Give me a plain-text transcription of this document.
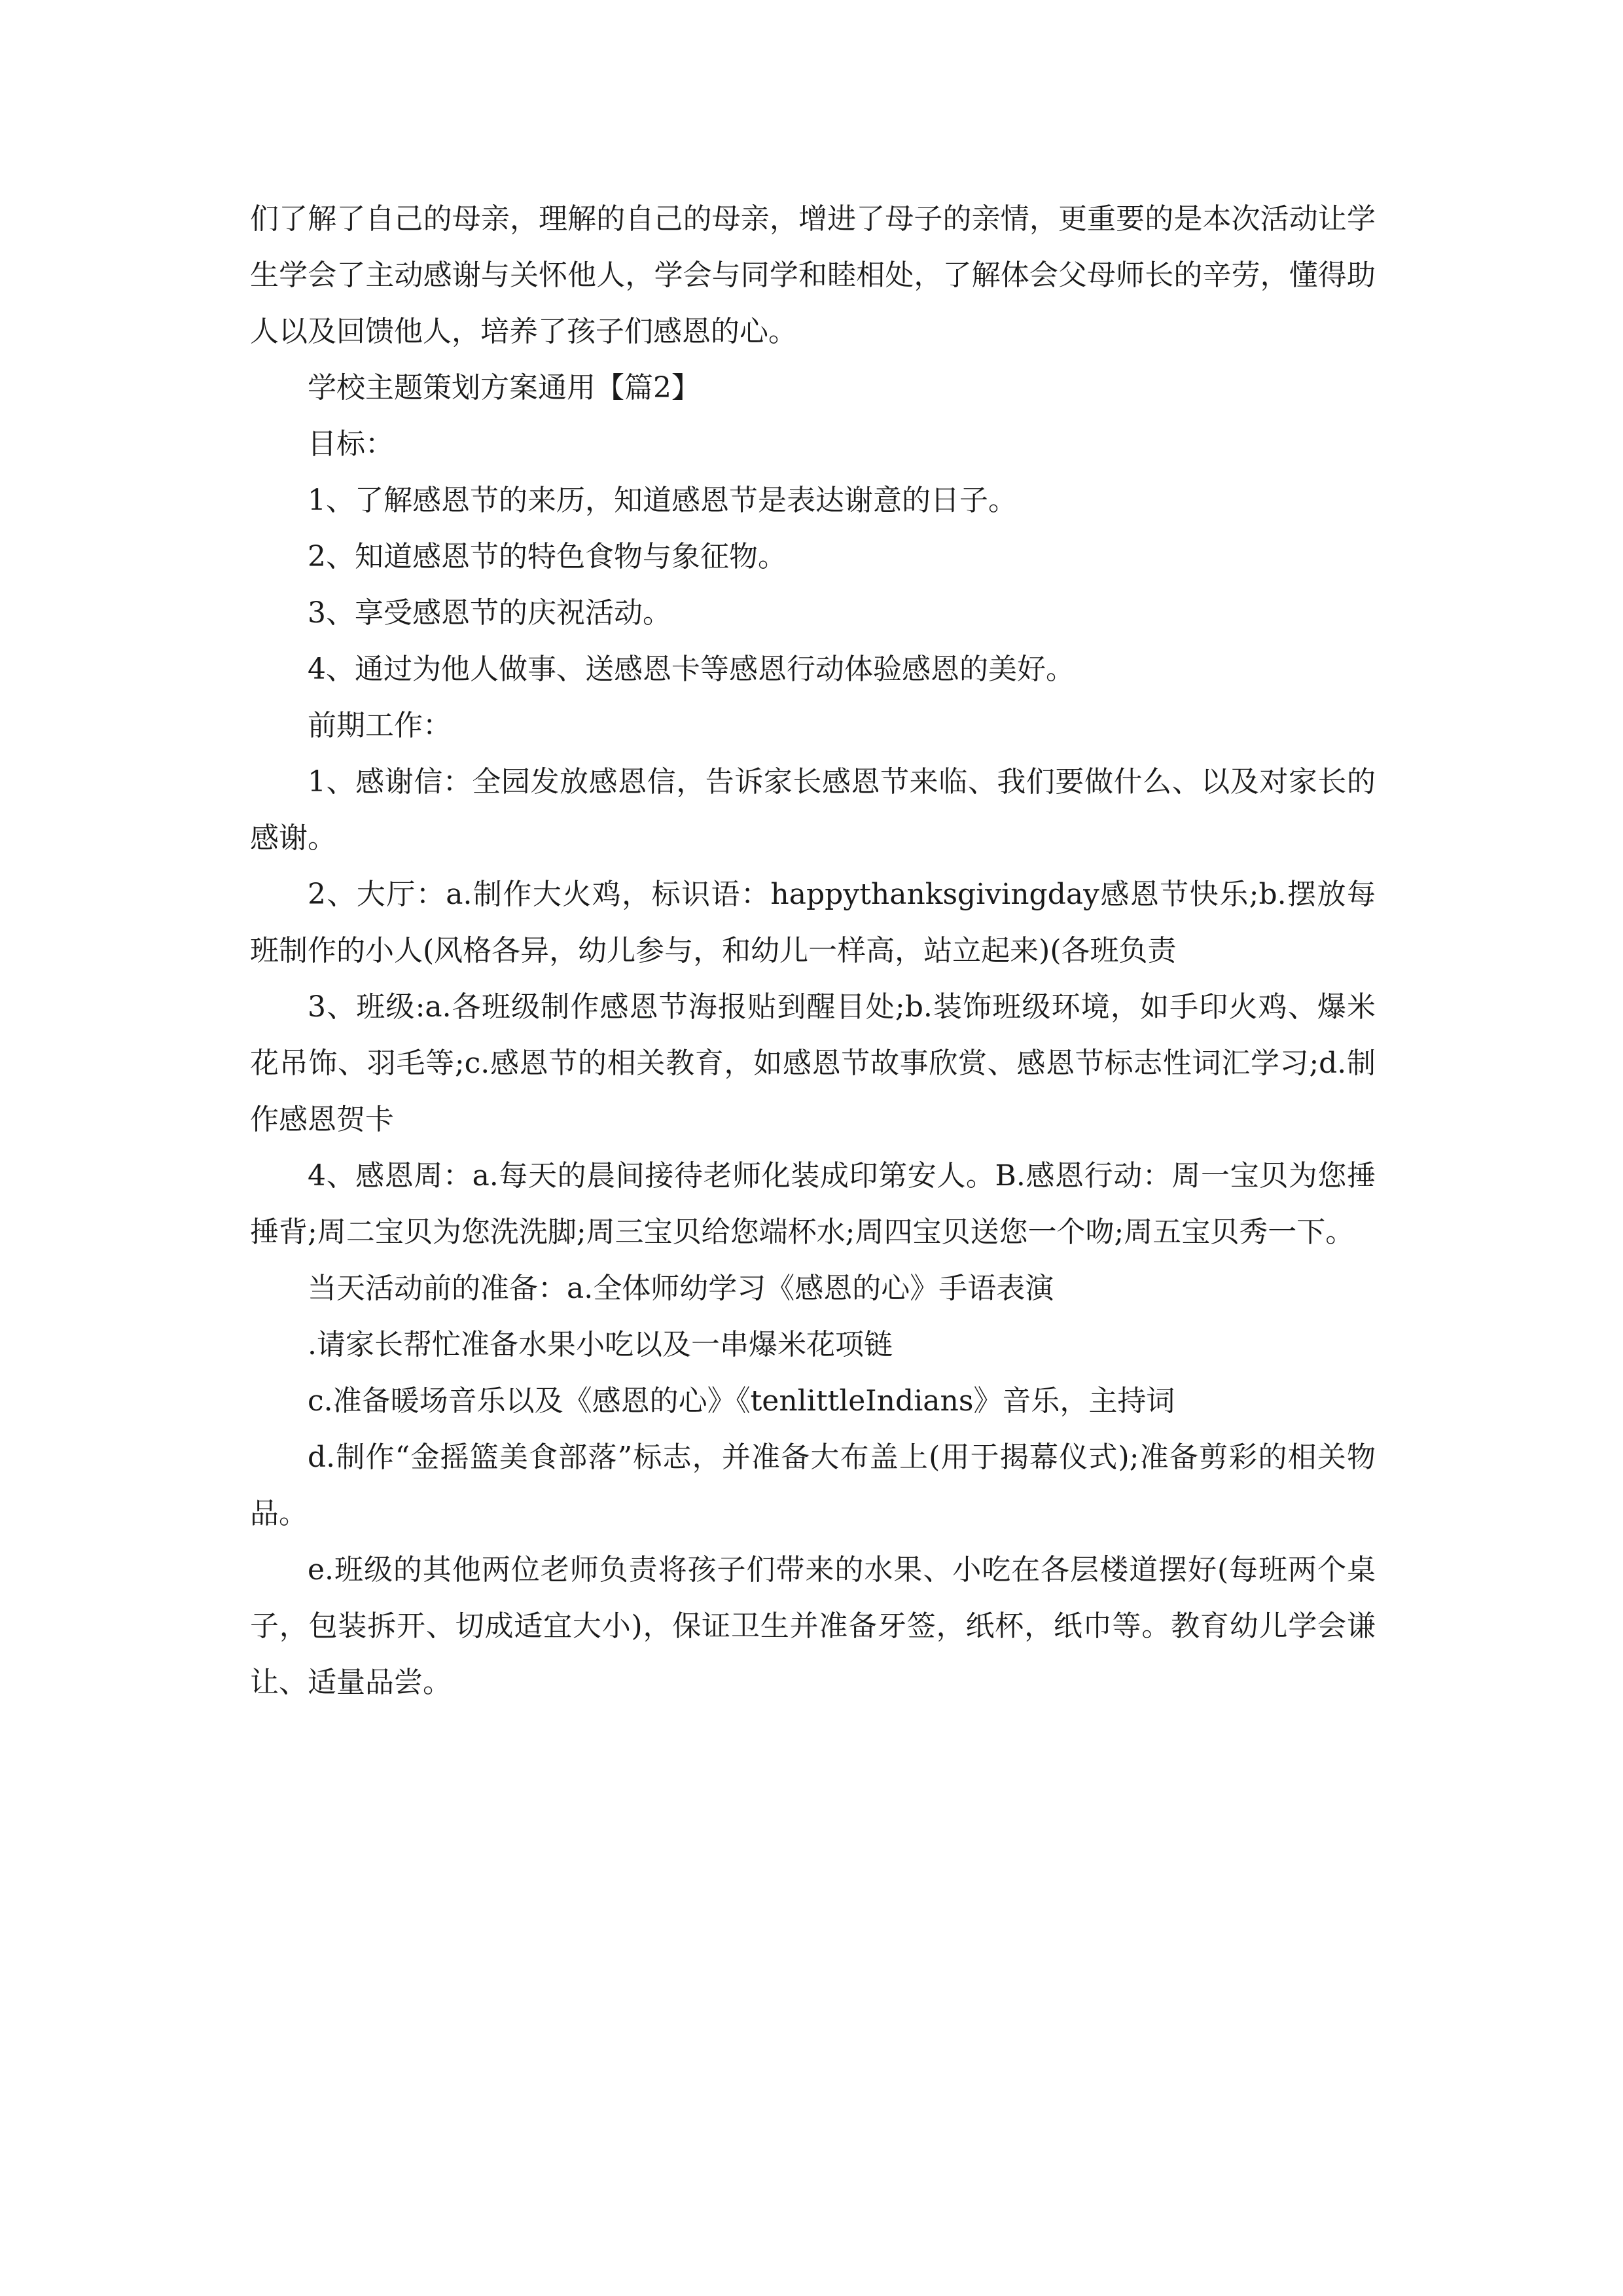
们了解了自己的母亲，理解的自己的母亲，增进了母子的亲情，更重要的是本次活动让学生学会了主动感谢与关怀他人，学会与同学和睦相处，了解体会父母师长的辛劳，懂得助人以及回馈他人，培养了孩子们感恩的心。

学校主题策划方案通用【篇2】

目标：

1、了解感恩节的来历，知道感恩节是表达谢意的日子。

2、知道感恩节的特色食物与象征物。

3、享受感恩节的庆祝活动。

4、通过为他人做事、送感恩卡等感恩行动体验感恩的美好。

前期工作：

1、感谢信：全园发放感恩信，告诉家长感恩节来临、我们要做什么、以及对家长的感谢。

2、大厅：a.制作大火鸡，标识语：happythanksgivingday感恩节快乐;b.摆放每班制作的小人(风格各异，幼儿参与，和幼儿一样高，站立起来)(各班负责

3、班级:a.各班级制作感恩节海报贴到醒目处;b.装饰班级环境，如手印火鸡、爆米花吊饰、羽毛等;c.感恩节的相关教育，如感恩节故事欣赏、感恩节标志性词汇学习;d.制作感恩贺卡

4、感恩周：a.每天的晨间接待老师化装成印第安人。B.感恩行动：周一宝贝为您捶捶背;周二宝贝为您洗洗脚;周三宝贝给您端杯水;周四宝贝送您一个吻;周五宝贝秀一下。

当天活动前的准备：a.全体师幼学习《感恩的心》手语表演

.请家长帮忙准备水果小吃以及一串爆米花项链

c.准备暖场音乐以及《感恩的心》《tenlittleIndians》音乐，主持词

d.制作“金摇篮美食部落”标志，并准备大布盖上(用于揭幕仪式);准备剪彩的相关物品。

e.班级的其他两位老师负责将孩子们带来的水果、小吃在各层楼道摆好(每班两个桌子，包装拆开、切成适宜大小)，保证卫生并准备牙签，纸杯，纸巾等。教育幼儿学会谦让、适量品尝。
